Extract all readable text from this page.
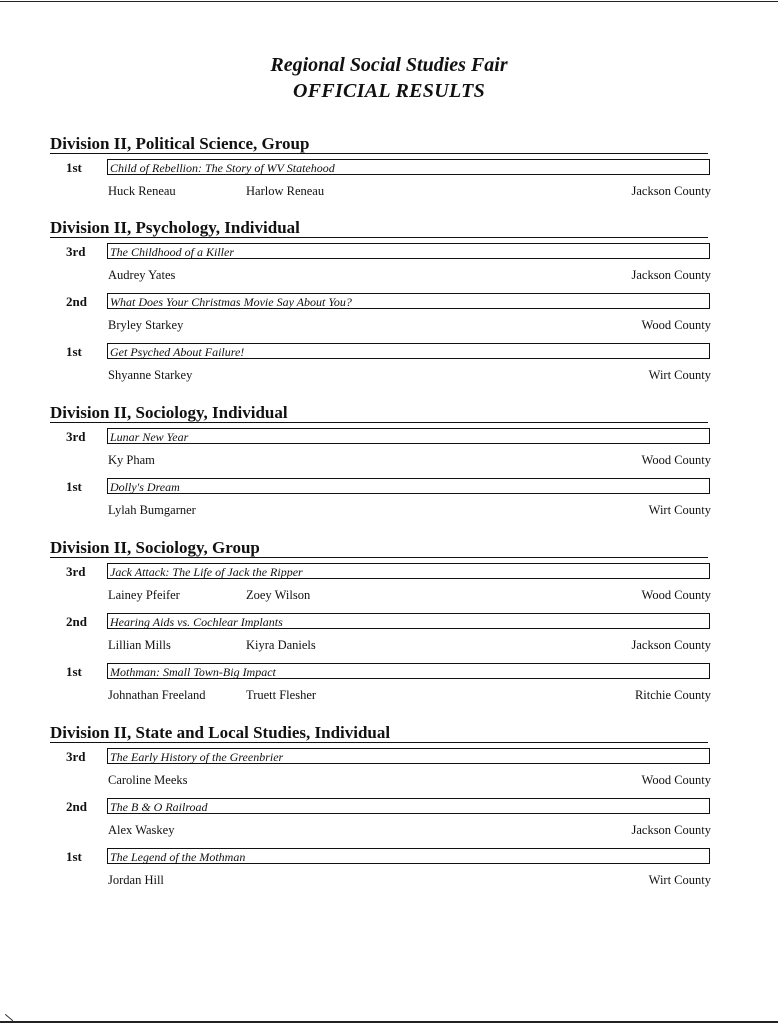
Regional Social Studies Fair
OFFICIAL RESULTS
Division II, Political Science, Group
1st Child of Rebellion: The Story of WV Statehood
Huck Reneau	Harlow Reneau	Jackson County
Division II, Psychology, Individual
3rd The Childhood of a Killer
Audrey Yates	Jackson County
2nd What Does Your Christmas Movie Say About You?
Bryley Starkey	Wood County
1st Get Psyched About Failure!
Shyanne Starkey	Wirt County
Division II, Sociology, Individual
3rd Lunar New Year
Ky Pham	Wood County
1st Dolly's Dream
Lylah Bumgarner	Wirt County
Division II, Sociology, Group
3rd Jack Attack: The Life of Jack the Ripper
Lainey Pfeifer	Zoey Wilson	Wood County
2nd Hearing Aids vs. Cochlear Implants
Lillian Mills	Kiyra Daniels	Jackson County
1st Mothman: Small Town-Big Impact
Johnathan Freeland	Truett Flesher	Ritchie County
Division II, State and Local Studies, Individual
3rd The Early History of the Greenbrier
Caroline Meeks	Wood County
2nd The B & O Railroad
Alex Waskey	Jackson County
1st The Legend of the Mothman
Jordan Hill	Wirt County
